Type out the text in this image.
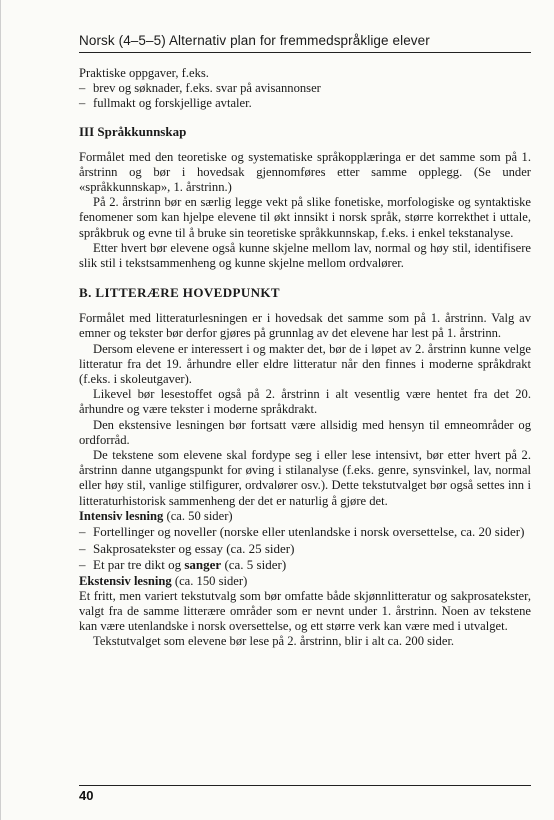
Norsk (4–5–5) Alternativ plan for fremmedspråklige elever

Praktiske oppgaver, f.eks.

– brev og søknader, f.eks. svar på avisannonser

– fullmakt og forskjellige avtaler.

III Språkkunnskap

Formålet med den teoretiske og systematiske språkopplæringa er det samme som på 1. årstrinn og bør i hovedsak gjennomføres etter samme opplegg. (Se under «språkkunnskap», 1. årstrinn.)

På 2. årstrinn bør en særlig legge vekt på slike fonetiske, morfologiske og syntaktiske fenomener som kan hjelpe elevene til økt innsikt i norsk språk, større korrekthet i uttale, språkbruk og evne til å bruke sin teoretiske språkkunnskap, f.eks. i enkel tekstanalyse.

Etter hvert bør elevene også kunne skjelne mellom lav, normal og høy stil, identifisere slik stil i tekstsammenheng og kunne skjelne mellom ordvalører.

B. LITTERÆRE HOVEDPUNKT

Formålet med litteraturlesningen er i hovedsak det samme som på 1. årstrinn. Valg av emner og tekster bør derfor gjøres på grunnlag av det elevene har lest på 1. årstrinn.

Dersom elevene er interessert i og makter det, bør de i løpet av 2. årstrinn kunne velge litteratur fra det 19. århundre eller eldre litteratur når den finnes i moderne språkdrakt (f.eks. i skoleutgaver).

Likevel bør lesestoffet også på 2. årstrinn i alt vesentlig være hentet fra det 20. århundre og være tekster i moderne språkdrakt.

Den ekstensive lesningen bør fortsatt være allsidig med hensyn til emneområder og ordforråd.

De tekstene som elevene skal fordype seg i eller lese intensivt, bør etter hvert på 2. årstrinn danne utgangspunkt for øving i stilanalyse (f.eks. genre, synsvinkel, lav, normal eller høy stil, vanlige stilfigurer, ordvalører osv.). Dette tekstutvalget bør også settes inn i litteraturhistorisk sammenheng der det er naturlig å gjøre det.

Intensiv lesning (ca. 50 sider)

– Fortellinger og noveller (norske eller utenlandske i norsk oversettelse, ca. 20 sider)

– Sakprosatekster og essay (ca. 25 sider)

– Et par tre dikt og sanger (ca. 5 sider)

Ekstensiv lesning (ca. 150 sider)

Et fritt, men variert tekstutvalg som bør omfatte både skjønnlitteratur og sakprosatekster, valgt fra de samme litterære områder som er nevnt under 1. årstrinn. Noen av tekstene kan være utenlandske i norsk oversettelse, og ett større verk kan være med i utvalget.

Tekstutvalget som elevene bør lese på 2. årstrinn, blir i alt ca. 200 sider.

40
